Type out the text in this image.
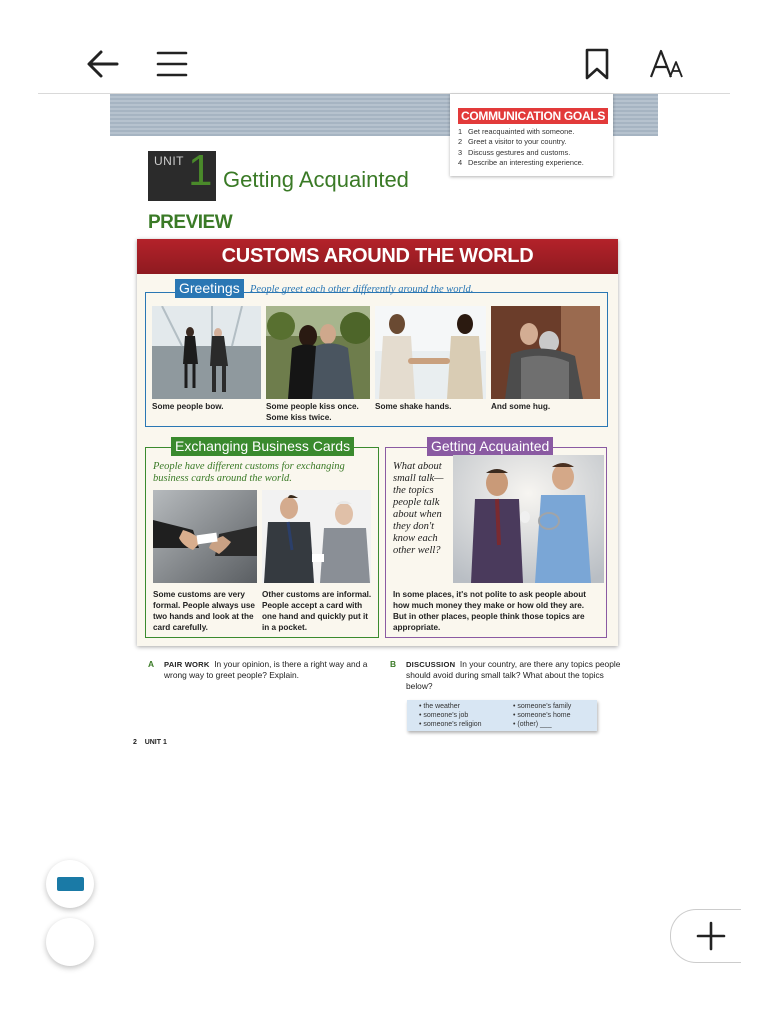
COMMUNICATION GOALS
1 Get reacquainted with someone.
2 Greet a visitor to your country.
3 Discuss gestures and customs.
4 Describe an interesting experience.
UNIT 1 Getting Acquainted
PREVIEW
CUSTOMS AROUND THE WORLD
Greetings People greet each other differently around the world.
Some people bow.	Some people kiss once. Some kiss twice.
Some shake hands.	And some hug.
Exchanging Business Cards
People have different customs for exchanging business cards around the world.
Some customs are very formal. People always use two hands and look at the card carefully.
Other customs are informal. People accept a card with one hand and quickly put it in a pocket.
Getting Acquainted
What about small talk—the topics people talk about when they don't know each other well?
In some places, it's not polite to ask people about how much money they make or how old they are. But in other places, people think those topics are appropriate.
A	PAIR WORK In your opinion, is there a right way and a wrong way to greet people? Explain.
B	DISCUSSION In your country, are there any topics people should avoid during small talk? What about the topics below?
• the weather
• someone's job
• someone's religion
• someone's family
• someone's home
• (other) ___
2 UNIT 1
